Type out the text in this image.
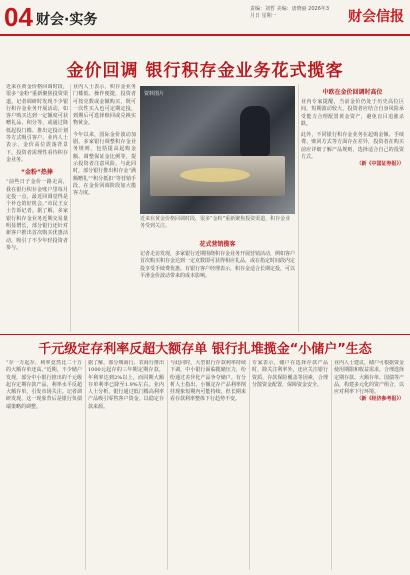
04 财会·实务
责编：刘哲 美编：唐晓丽 2026年3月日 星期一	财会信报
金价回调 银行积存金业务花式揽客
近来在黄金价格回调时段，很多“金粉”重新聚焦投资渠道。记者调研时发现不少银行积存金业务开展活动，如客户购买达到一定额度可获赠礼品、积分等，或通过降低起投门槛、推出定投计划等方式吸引客户。业内人士表示，金价高位震荡背景下，投资者需理性看待积存金业务。
“金粉”热捧
“前些日子金价一路走高，我在银行积存金账户里每月定投一点，最近回调觉得是个补仓的好机会。”市民王女士告诉记者。据了解，多家银行积存金业务近期交易量明显增长，部分银行还针对新客户推出首次购买优惠活动，吸引了不少年轻投资者参与。
业内人士表示，积存金业务门槛低、操作便捷，投资者可按克数或金额购买，既可一次性买入也可定期定投，到期后可选择赎回或兑换实物黄金。
今年以来，国际金价波动加剧，多家银行调整积存金业务规则，包括提高起购金额、调整保证金比例等，提示投资者注意风险。与此同时，部分银行推出积存金“满额赠礼”“积分抵扣”等营销手段，在金价回调阶段加大揽客力度。
资料图片
近来在黄金价格回调时段，很多“金粉”重新聚焦投资渠道，积存金业务受到关注。
花式营销揽客
记者走访发现，多家银行近期围绕积存金业务开展营销活动，例如客户首次购买积存金达到一定克数即可获得相应礼品，或在指定时间段内定投享受手续费优惠。有银行客户经理表示，积存金适合长期定投，可以平滑金价波动带来的成本影响。
中欧在金价回调时高位
业内专家提醒，当前金价仍处于历史高位区间，短期波动较大，投资者应结合自身风险承受能力合理配置黄金资产，避免盲目追涨杀跌。
此外，不同银行积存金业务在起购金额、手续费、赎回方式等方面存在差异，投资者在购买前应详细了解产品规则，选择适合自己的投资方式。
（新《中国证券报》）
千元级定存利率反超大额存单 银行扎堆揽金“小储户”生态
“存一万起存，利率竟然比二十万的大额存单还高。”近期，不少储户发现，部分中小银行推出的千元级起存定期存款产品，利率水平反超大额存单，引发市场关注。记者调研发现，这一现象背后是银行负债端策略的调整。
据了解，部分城商行、农商行推出1000元起存的三年期定期存款，年利率达到2%以上，而同期大额存单利率已降至1.9%左右。业内人士分析，银行通过低门槛高利率产品吸引零售客户资金，以稳定存款来源。
与此同时，大型银行存款利率持续下调，中小银行面临揽储压力，纷纷通过差异化产品争夺储户。有分析人士指出，小额定存产品利率倒挂现象短期内可能持续，但长期来看存款利率整体下行趋势不变。
专家表示，储户在选择存款产品时，除关注利率外，还应关注银行资质、存款保险覆盖等因素，合理分散资金配置，保障资金安全。
业内人士建议，储户可根据资金使用期限和收益需求，合理选择定期存款、大额存单、国债等产品，构建多元化的资产组合，以应对利率下行环境。
（新《经济参考报》）
